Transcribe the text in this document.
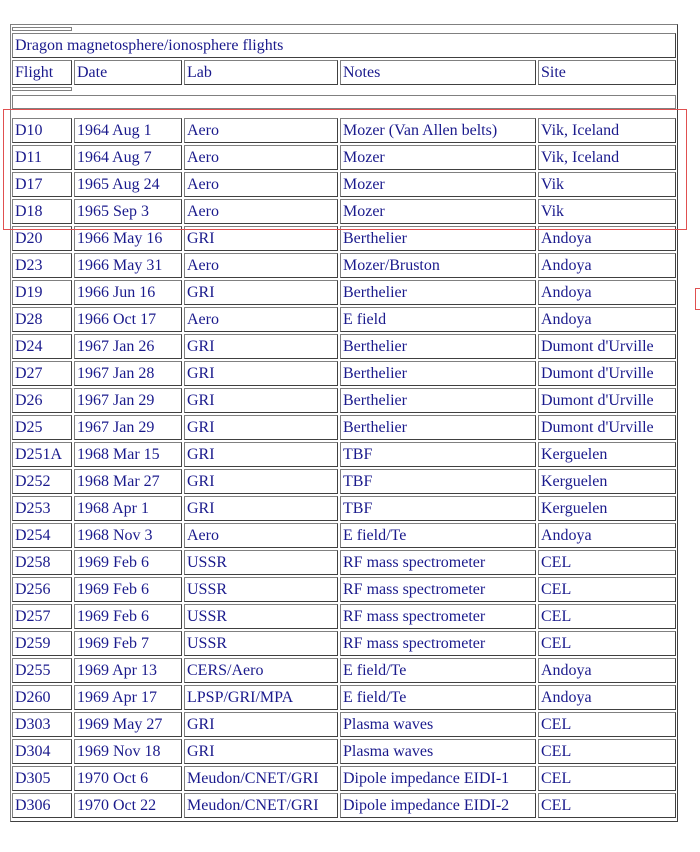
Dragon magnetosphere/ionosphere flights
Flight	Date	Lab	Notes	Site
D10	1964 Aug 1	Aero	Mozer (Van Allen belts)	Vik, Iceland
D11	1964 Aug 7	Aero	Mozer	Vik, Iceland
D17	1965 Aug 24	Aero	Mozer	Vik
D18	1965 Sep 3	Aero	Mozer	Vik
D20	1966 May 16	GRI	Berthelier	Andoya
D23	1966 May 31	Aero	Mozer/Bruston	Andoya
D19	1966 Jun 16	GRI	Berthelier	Andoya
D28	1966 Oct 17	Aero	E field	Andoya
D24	1967 Jan 26	GRI	Berthelier	Dumont d'Urville
D27	1967 Jan 28	GRI	Berthelier	Dumont d'Urville
D26	1967 Jan 29	GRI	Berthelier	Dumont d'Urville
D25	1967 Jan 29	GRI	Berthelier	Dumont d'Urville
D251A 1968 Mar 15	GRI	TBF	Kerguelen
D252	1968 Mar 27	GRI	TBF	Kerguelen
D253	1968 Apr 1	GRI	TBF	Kerguelen
D254	1968 Nov 3	Aero	E field/Te	Andoya
D258	1969 Feb 6	USSR	RF mass spectrometer	CEL
D256	1969 Feb 6	USSR	RF mass spectrometer	CEL
D257	1969 Feb 6	USSR	RF mass spectrometer	CEL
D259	1969 Feb 7	USSR	RF mass spectrometer	CEL
D255	1969 Apr 13	CERS/Aero	E field/Te	Andoya
D260	1969 Apr 17	LPSP/GRI/MPA	E field/Te	Andoya
D303	1969 May 27	GRI	Plasma waves	CEL
D304	1969 Nov 18	GRI	Plasma waves	CEL
D305	1970 Oct 6	Meudon/CNET/GRI	Dipole impedance EIDI-1	CEL
D306	1970 Oct 22	Meudon/CNET/GRI	Dipole impedance EIDI-2	CEL
